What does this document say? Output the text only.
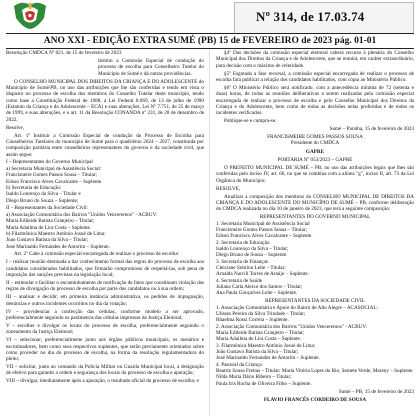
Nº 314, de 17.03.74
ANO XXI - EDIÇÃO EXTRA SUMÉ (PB) 15 de FEVEREIRO de 2023 pág. 01-01

Resolução CMDCA Nº 021, de 15 de fevereiro de 2023

Institui a Comissão Especial de condução do processo de escolha para Conselheiro Tutelar do Município de Sumé e dá outras providências.

O CONSELHO MUNICIPAL DOS DIREITOS DA CRIANÇA E DO ADOLESCENTE do Município de Sumé/PB, no uso das atribuições que lhe são conferidas e tendo em vista o disposto no processo de escolha dos membros do Conselho Tutelar deste município, tendo como base a Constituição Federal de 1988, a Lei Federal 8.069, de 13 de julho de 1990 (Estatuto da Criança e do Adolescente – ECA) e suas alterações, Lei Nº 7.751, de 25 de março de 1999, e suas alterações, e o art. 11 da Resolução CONANDA nº 231, de 28 de dezembro de 2022,

Resolve,

Art. 1º Instituir a Comissão Especial de condução do Processo de Escolha para Conselheiros Tutelares do município de Sumé para o quadriênio 2024 – 2027, constituída por composição paritária entre conselheiros representantes do governo e da sociedade civil, que assim segue:

I – Representantes do Governo Municipal

a) Secretaria Municipal de Assistência Social:

Francisneire Gomes Passos Sousa – Titular;

Edson Francisco Alves Cavalcante – Suplente.

b) Secretaria de Educação:

Isaldo Lourenço da Silva – Titular e

Diego Bruno do Souza – Suplente;

II – Representantes da Sociedade Civil:

a) Associação Comunitária dos Bairros "Unidos Venceremos" - ACBUV:

Maria Edileide Batista Granjeiro – Titular;

Maria Adailma de Lira Costa – Suplente.

b) Filarmônica Maestro Antônio Josué de Lima:

Joao Gustavo Batista da Silva – Titular;

José Marinaldo Fernandes de Amorim – Suplente.

Art. 2º Cabe à comissão especial encarregada de realizar o processo de escolha:

I – realizar reunião destinada a dar conhecimento formal das regras do processo de escolha aos candidatos considerados habilitados, que firmarão compromisso de respeitá-las, sob pena de imposição das sanções previstas na legislação local;

II – estimular e facilitar o encaminhamento de notificação de fatos que constituam violação das regras de divulgação do processo de escolha por parte dos candidatos ou à sua ordem;

III – analisar e decidir, em primeira instância administrativa, os pedidos de impugnação, denúncias e outros incidentes ocorridos no dia da votação;

IV – providenciar a confecção das cédulas, conforme modelo a ser aprovado, preferencialmente seguindo os parâmetros das cédulas impressas da Justiça Eleitoral;

V – escolher e divulgar os locais do processo de escolha, preferencialmente seguindo o zoneamento da Justiça Eleitoral;

VI – selecionar, preferencialmente junto aos órgãos públicos municipais, os mesários e escrutinadores, bem como seus respectivos suplentes, que serão previamente orientados sobre como proceder no dia do processo de escolha, na forma da resolução regulamentadora do pleito;

VII – solicitar, junto ao comando da Polícia Militar ou Guarda Municipal local, a designação de efetivo para garantir a ordem e segurança dos locais do processo de escolha e apuração;

VIII – divulgar, imediatamente após a apuração, o resultado oficial do processo de escolha; e

§4º Das decisões da comissão especial eleitoral caberá recurso à plenária do Conselho Municipal dos Direitos da Criança e do Adolescente, que se reunirá, em caráter extraordinário, para decisão com o máximo de celeridade.

§5º Esgotada a fase recursal, a comissão especial encarregada de realizar o processo de escolha fará publicar a relação dos candidatos habilitados, com cópia ao Ministério Público.

§6º O Ministério Público será notificado, com a antecedência mínima de 72 (setenta e duas) horas, de todas as reuniões deliberativas a serem realizadas pela comissão especial encarregada de realizar o processo de escolha e pelo Conselho Municipal dos Direitos da Criança e do Adolescente, bem como de todas as decisões nelas proferidas e de todos os incidentes verificados.

Publique-se e cumpra-se.

Sumé – Paraíba, 15 de fevereiro de 2023

FRANCISMEIRE GOMES PASSOS SOUSA

Presidente do CMDCA

GAPRE

PORTARIA Nº 053/2023 – GAPRE

O PREFEITO MUNICIPAL DE SUMÉ – PB, no uso das atribuições legais que lhes são conferidas pelo inciso IV, art. 60, no que se combina com a alínea "g", inciso II, art. 73 da Lei Orgânica do Município;

RESOLVE,

Atualizar a composição dos membros do CONSELHO MUNICIPAL DE DIREITOS DA CRIANÇA E DO ADOLESCENTE DO MUNICÍPIO DE SUMÉ – PB, conforme deliberação do CMDCA realizada no dia 10 de janeiro de 2023, que terá a seguinte composição:

REPRESENTANTES DO GOVERNO MUNICIPAL

1. Secretaria Municipal de Assistência Social

Francisneire Gomes Passos Sousa – Titular;

Edson Francisco Alves Cavalcante – Suplente.

2. Secretaria de Educação

Isaldo Lourenço da Silva – Titular;

Diego Bruno de Sousa – Suplente.

3. Secretaria de Finanças

Cleiciane Sobrino Leite – Titular;

Arnalda Narcili Torres de Araújo – Suplente.

4. Secretaria de Saúde

Juliana Carla Aleixo dos Santos – Titular;

Ana Paula Gonçalves Leite – Suplente.

REPRESENTANTES DA SOCIEDADE CIVIL

1. Associação Comunitária e Apoio do Bairro de Alto Alegre – ACASOCIAL:

Ulisses Pereira da Silva Trindade – Titular;

Rhaelma Rossi Correia – Suplente.

2. Associação Comunitária dos Bairros "Unidos Venceremos" - ACBUV:

Maria Edileide Batista Granjeiro – Titular;

Maria Adailma de Lira Costa – Suplente.

3. Filarmônica Maestro Antônio Josué de Lima:

João Gustavo Batista da Silva – Titular;

José Marinaldo Fernandes de Amorim – Suplente.

4. Pastoral da Criança:

Beatriz Sousa Freitas – Titular; Maria Vitória Lopes do Rio, Semete Verde, Mareny – Suplente.

Nilda Maria Dário Ribeiro – Titular;

Paula Iris Rocha de Oliveira Filho – Suplente.

Sumé – PB, 15 de fevereiro de 2023

FLAVIO FRANCÊS CORDEIRO DE SOUSA
